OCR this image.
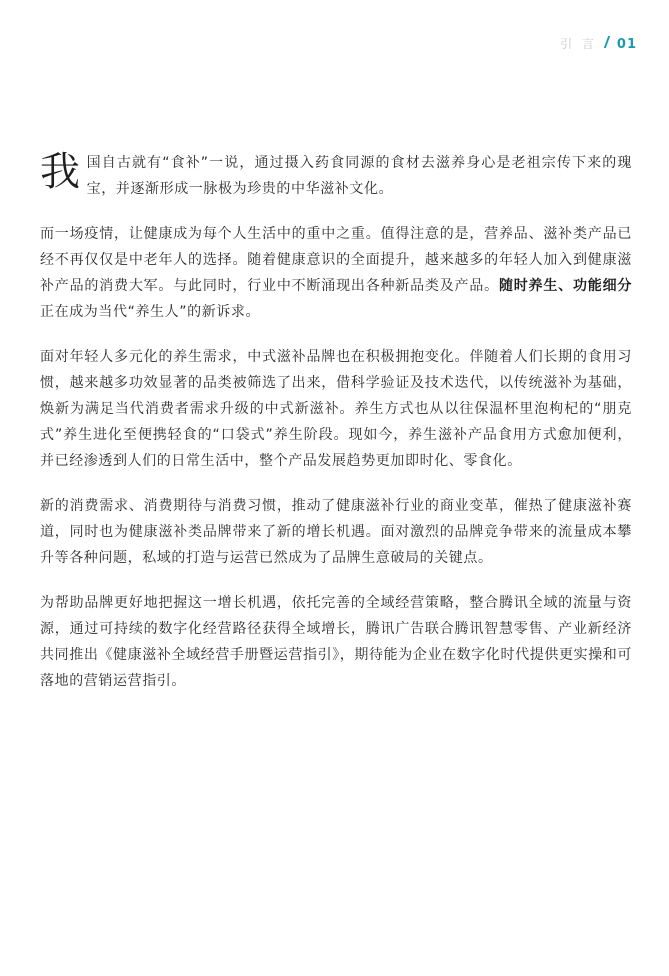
引 言 01

我国自古就有“食补”一说，通过摄入药食同源的食材去滋养身心是老祖宗传下来的瑰宝，并逐渐形成一脉极为珍贵的中华滋补文化。

而一场疫情，让健康成为每个人生活中的重中之重。值得注意的是，营养品、滋补类产品已经不再仅仅是中老年人的选择。随着健康意识的全面提升，越来越多的年轻人加入到健康滋补产品的消费大军。与此同时，行业中不断涌现出各种新品类及产品。随时养生、功能细分正在成为当代“养生人”的新诉求。

面对年轻人多元化的养生需求，中式滋补品牌也在积极拥抱变化。伴随着人们长期的食用习惯，越来越多功效显著的品类被筛选了出来，借科学验证及技术迭代，以传统滋补为基础，焕新为满足当代消费者需求升级的中式新滋补。养生方式也从以往保温杯里泡枸杞的“朋克式”养生进化至便携轻食的“口袋式”养生阶段。现如今，养生滋补产品食用方式愈加便利，并已经渗透到人们的日常生活中，整个产品发展趋势更加即时化、零食化。

新的消费需求、消费期待与消费习惯，推动了健康滋补行业的商业变革，催热了健康滋补赛道，同时也为健康滋补类品牌带来了新的增长机遇。面对激烈的品牌竞争带来的流量成本攀升等各种问题，私域的打造与运营已然成为了品牌生意破局的关键点。

为帮助品牌更好地把握这一增长机遇，依托完善的全域经营策略，整合腾讯全域的流量与资源，通过可持续的数字化经营路径获得全域增长，腾讯广告联合腾讯智慧零售、产业新经济共同推出《健康滋补全域经营手册暨运营指引》，期待能为企业在数字化时代提供更实操和可落地的营销运营指引。
